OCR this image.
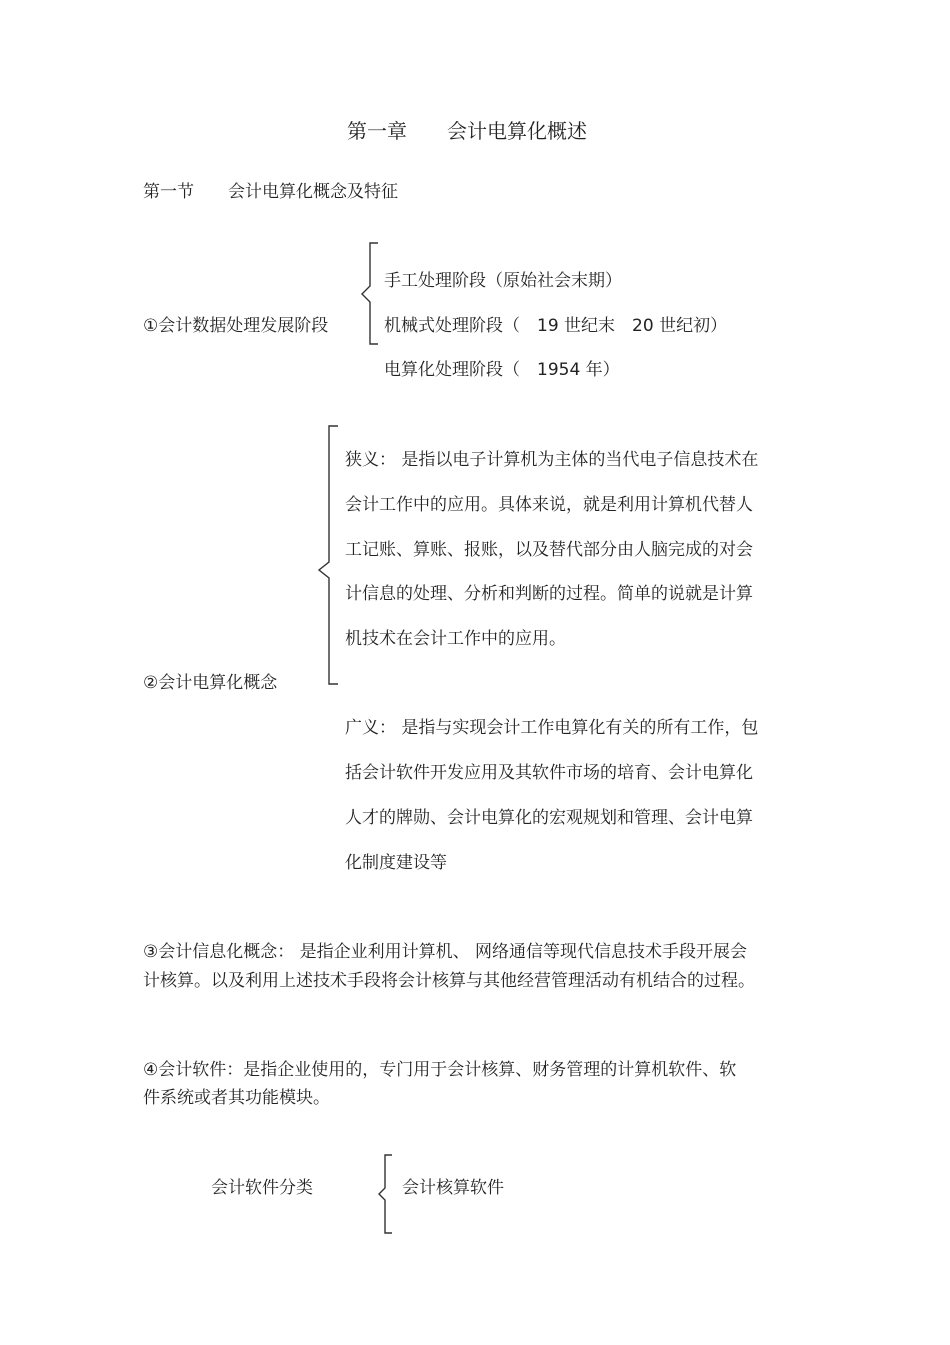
第一章　　会计电算化概述
第一节　　会计电算化概念及特征
①会计数据处理发展阶段
手工处理阶段（原始社会末期）
机械式处理阶段（　19 世纪末　20 世纪初）
电算化处理阶段（　1954 年）
②会计电算化概念
狭义： 是指以电子计算机为主体的当代电子信息技术在
会计工作中的应用。具体来说，就是利用计算机代替人
工记账、算账、报账，以及替代部分由人脑完成的对会
计信息的处理、分析和判断的过程。简单的说就是计算
机技术在会计工作中的应用。
广义： 是指与实现会计工作电算化有关的所有工作，包
括会计软件开发应用及其软件市场的培育、会计电算化
人才的牌勋、会计电算化的宏观规划和管理、会计电算
化制度建设等
③会计信息化概念： 是指企业利用计算机、 网络通信等现代信息技术手段开展会
计核算。以及利用上述技术手段将会计核算与其他经营管理活动有机结合的过程。
④会计软件：是指企业使用的，专门用于会计核算、财务管理的计算机软件、软
件系统或者其功能模块。
会计软件分类	会计核算软件
